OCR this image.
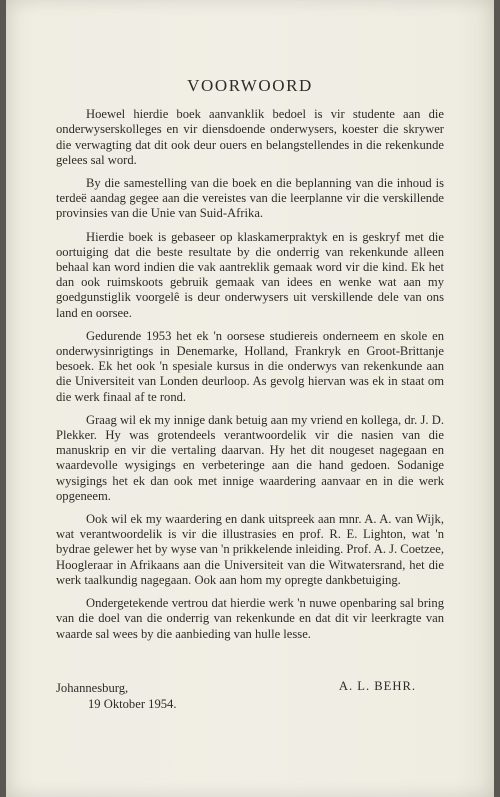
VOORWOORD

Hoewel hierdie boek aanvanklik bedoel is vir studente aan die onderwyserskolleges en vir diensdoende onderwysers, koester die skrywer die verwagting dat dit ook deur ouers en belangstellendes in die rekenkunde gelees sal word.

By die samestelling van die boek en die beplanning van die inhoud is terdeë aandag gegee aan die vereistes van die leerplanne vir die verskillende provinsies van die Unie van Suid-Afrika.

Hierdie boek is gebaseer op klaskamerpraktyk en is geskryf met die oortuiging dat die beste resultate by die onderrig van rekenkunde alleen behaal kan word indien die vak aantreklik gemaak word vir die kind. Ek het dan ook ruimskoots gebruik gemaak van idees en wenke wat aan my goedgunstiglik voorgelê is deur onderwysers uit verskillende dele van ons land en oorsee.

Gedurende 1953 het ek 'n oorsese studiereis onderneem en skole en onderwysinrigtings in Denemarke, Holland, Frankryk en Groot-Brittanje besoek. Ek het ook 'n spesiale kursus in die onderwys van rekenkunde aan die Universiteit van Londen deurloop. As gevolg hiervan was ek in staat om die werk finaal af te rond.

Graag wil ek my innige dank betuig aan my vriend en kollega, dr. J. D. Plekker. Hy was grotendeels verantwoordelik vir die nasien van die manuskrip en vir die vertaling daarvan. Hy het dit nougeset nagegaan en waardevolle wysigings en verbeteringe aan die hand gedoen. Sodanige wysigings het ek dan ook met innige waardering aanvaar en in die werk opgeneem.

Ook wil ek my waardering en dank uitspreek aan mnr. A. A. van Wijk, wat verantwoordelik is vir die illustrasies en prof. R. E. Lighton, wat 'n bydrae gelewer het by wyse van 'n prikkelende inleiding. Prof. A. J. Coetzee, Hoogleraar in Afrikaans aan die Universiteit van die Witwatersrand, het die werk taalkundig nagegaan. Ook aan hom my opregte dankbetuiging.

Ondergetekende vertrou dat hierdie werk 'n nuwe openbaring sal bring van die doel van die onderrig van rekenkunde en dat dit vir leerkragte van waarde sal wees by die aanbieding van hulle lesse.

Johannesburg,
19 Oktober 1954.
A. L. BEHR.
